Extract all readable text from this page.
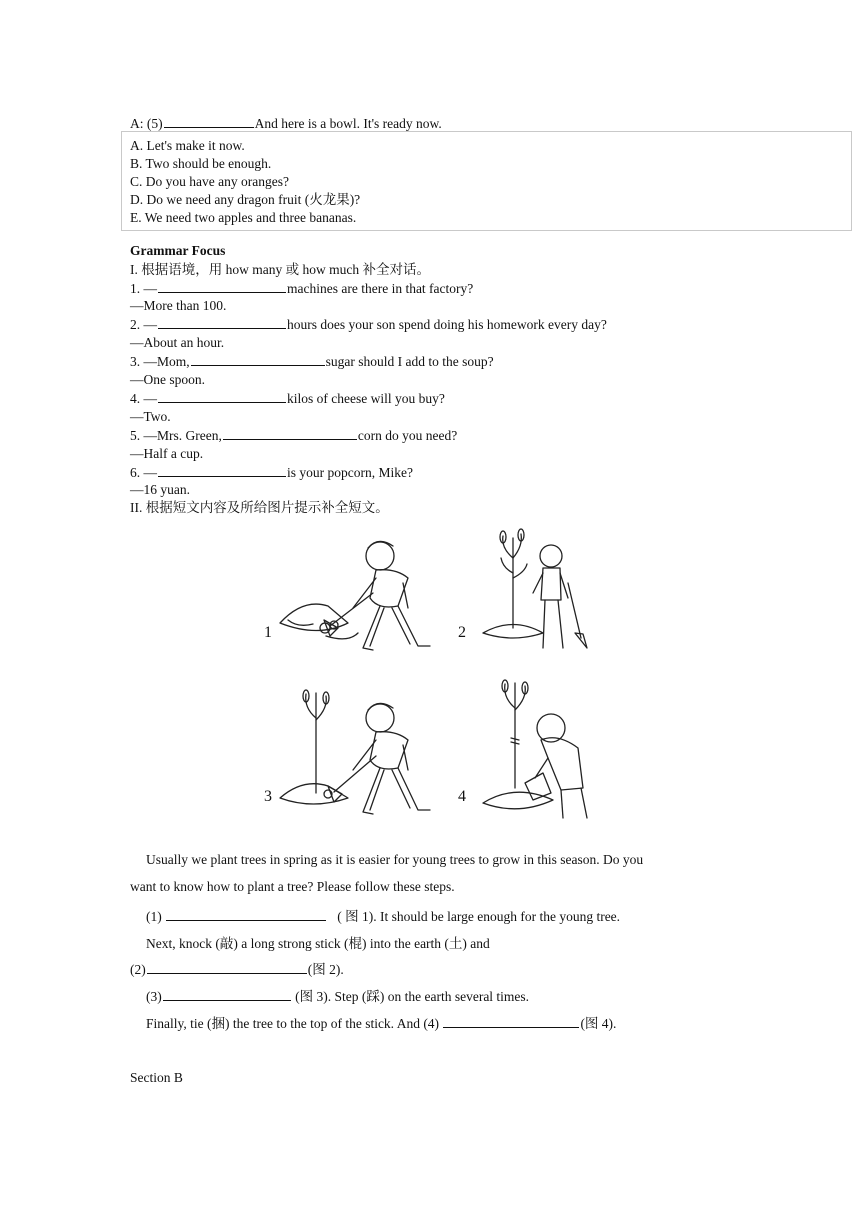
A: (5)	And here is a bowl. It's ready now.
A. Let's make it now.
B. Two should be enough.
C. Do you have any oranges?
D. Do we need any dragon fruit (火龙果)?
E. We need two apples and three bananas.
Grammar Focus
I. 根据语境，用 how many 或 how much 补全对话。
1. —	machines are there in that factory?
—More than 100.
2. —	hours does your son spend doing his homework every day?
—About an hour.
3. —Mom,	sugar should I add to the soup?
—One spoon.
4. —	kilos of cheese will you buy?
—Two.
5. —Mrs. Green,	corn do you need?
—Half a cup.
6. —	is your popcorn, Mike?
—16 yuan.
II. 根据短文内容及所给图片提示补全短文。
1	2
3	4
Usually we plant trees in spring as it is easier for young trees to grow in this season. Do you
want to know how to plant a tree? Please follow these steps.
(1)	( 图 1). It should be large enough for the young tree.
Next, knock (敲) a long strong stick (棍) into the earth (土) and
(2)	(图 2).
(3)	(图 3). Step (踩) on the earth several times.
Finally, tie (捆) the tree to the top of the stick. And (4)	(图 4).
Section B
